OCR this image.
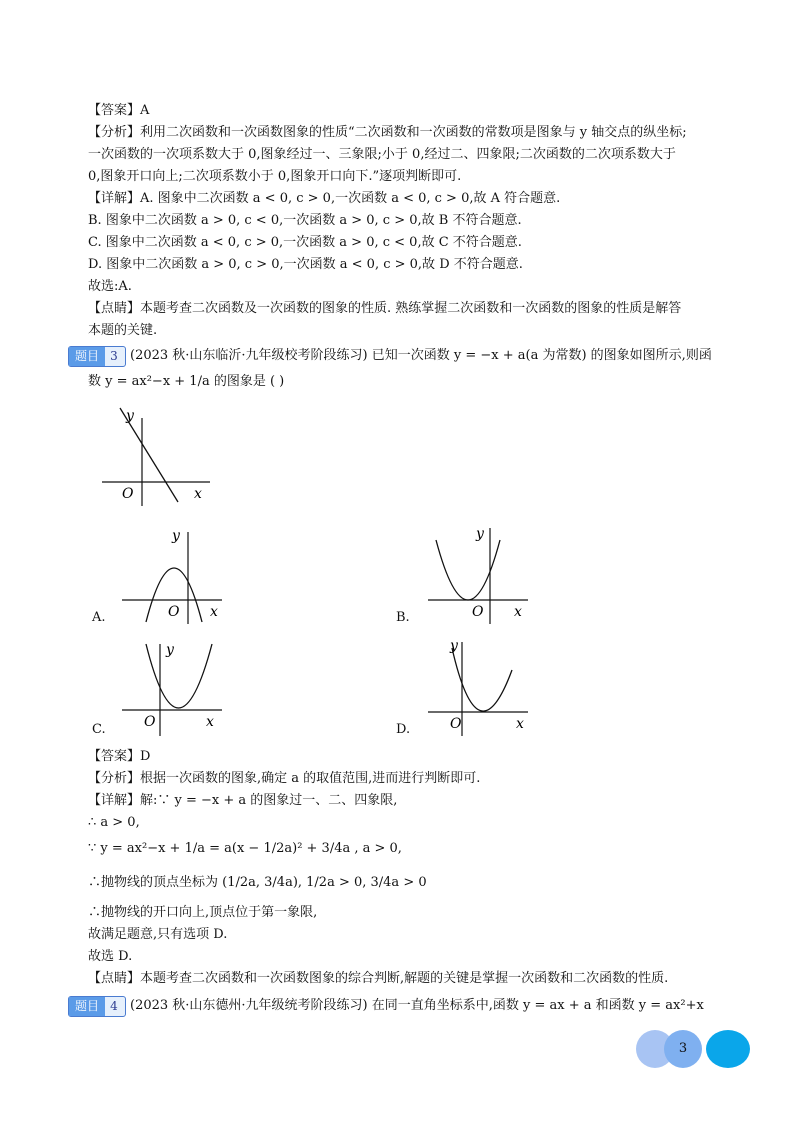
【答案】A
【分析】利用二次函数和一次函数图象的性质“二次函数和一次函数的常数项是图象与 y 轴交点的纵坐标;
一次函数的一次项系数大于 0,图象经过一、三象限;小于 0,经过二、四象限;二次函数的二次项系数大于
0,图象开口向上;二次项系数小于 0,图象开口向下.”逐项判断即可.
【详解】A. 图象中二次函数 a < 0, c > 0,一次函数 a < 0, c > 0,故 A 符合题意.
B. 图象中二次函数 a > 0, c < 0,一次函数 a > 0, c > 0,故 B 不符合题意.
C. 图象中二次函数 a < 0, c > 0,一次函数 a > 0, c < 0,故 C 不符合题意.
D. 图象中二次函数 a > 0, c > 0,一次函数 a < 0, c > 0,故 D 不符合题意.
故选:A.
【点睛】本题考查二次函数及一次函数的图象的性质. 熟练掌握二次函数和一次函数的图象的性质是解答
本题的关键.
题目 3 (2023 秋·山东临沂·九年级校考阶段练习) 已知一次函数 y = −x + a(a 为常数) 的图象如图所示,则函
数 y = ax²−x + 1/a 的图象是 ( )
y
x
O
A.
y
x
O	B.
y
x
O
C.
y
x
O	D.
y
x
O
【答案】D
【分析】根据一次函数的图象,确定 a 的取值范围,进而进行判断即可.
【详解】解:∵ y = −x + a 的图象过一、二、四象限,
∴ a > 0,
∵ y = ax²−x + 1/a = a(x − 1/2a)² + 3/4a , a > 0,
∴抛物线的顶点坐标为 (1/2a, 3/4a), 1/2a > 0, 3/4a > 0
∴抛物线的开口向上,顶点位于第一象限,
故满足题意,只有选项 D.
故选 D.
【点睛】本题考查二次函数和一次函数图象的综合判断,解题的关键是掌握一次函数和二次函数的性质.
题目 4 (2023 秋·山东德州·九年级统考阶段练习) 在同一直角坐标系中,函数 y = ax + a 和函数 y = ax²+x
3
